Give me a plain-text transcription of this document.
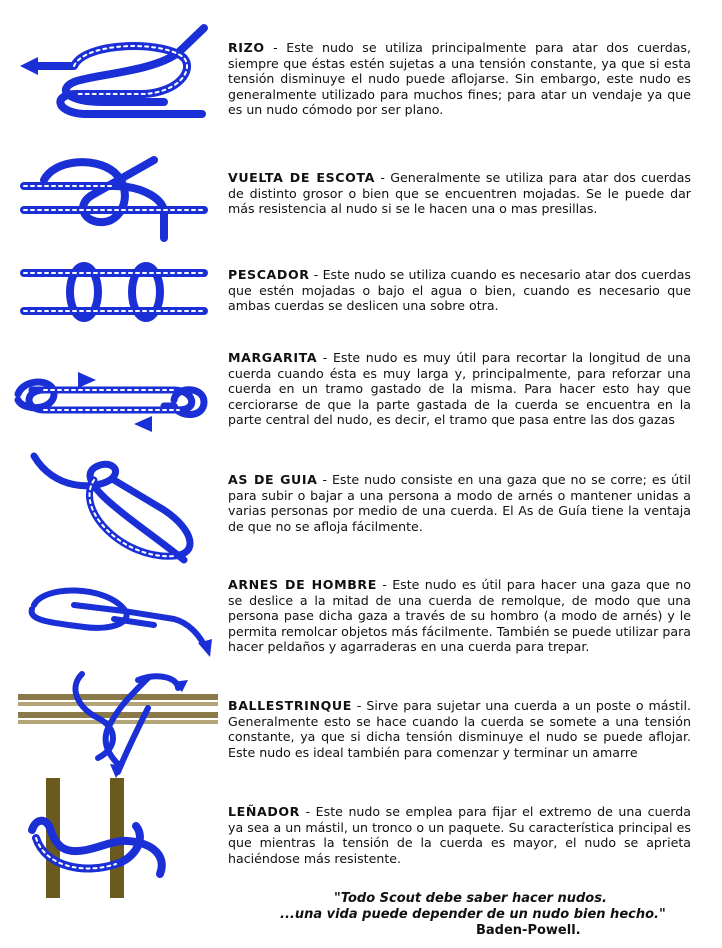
RIZO - Este nudo se utiliza principalmente para atar dos cuerdas, siempre que éstas estén sujetas a una tensión constante, ya que si esta tensión disminuye el nudo puede aflojarse. Sin embargo, este nudo es generalmente utilizado para muchos fines; para atar un vendaje ya que es un nudo cómodo por ser plano.

VUELTA DE ESCOTA - Generalmente se utiliza para atar dos cuerdas de distinto grosor o bien que se encuentren mojadas. Se le puede dar más resistencia al nudo si se le hacen una o mas presillas.

PESCADOR - Este nudo se utiliza cuando es necesario atar dos cuerdas que estén mojadas o bajo el agua o bien, cuando es necesario que ambas cuerdas se deslicen una sobre otra.

MARGARITA - Este nudo es muy útil para recortar la longitud de una cuerda cuando ésta es muy larga y, principalmente, para reforzar una cuerda en un tramo gastado de la misma. Para hacer esto hay que cerciorarse de que la parte gastada de la cuerda se encuentra en la parte central del nudo, es decir, el tramo que pasa entre las dos gazas

AS DE GUIA - Este nudo consiste en una gaza que no se corre; es útil para subir o bajar a una persona a modo de arnés o mantener unidas a varias personas por medio de una cuerda. El As de Guía tiene la ventaja de que no se afloja fácilmente.

ARNES DE HOMBRE - Este nudo es útil para hacer una gaza que no se deslice a la mitad de una cuerda de remolque, de modo que una persona pase dicha gaza a través de su hombro (a modo de arnés) y le permita remolcar objetos más fácilmente. También se puede utilizar para hacer peldaños y agarraderas en una cuerda para trepar.

BALLESTRINQUE - Sirve para sujetar una cuerda a un poste o mástil. Generalmente esto se hace cuando la cuerda se somete a una tensión constante, ya que si dicha tensión disminuye el nudo se puede aflojar. Este nudo es ideal también para comenzar y terminar un amarre

LEÑADOR - Este nudo se emplea para fijar el extremo de una cuerda ya sea a un mástil, un tronco o un paquete. Su característica principal es que mientras la tensión de la cuerda es mayor, el nudo se aprieta haciéndose más resistente.

"Todo Scout debe saber hacer nudos.
...una vida puede depender de un nudo bien hecho."
Baden-Powell.
